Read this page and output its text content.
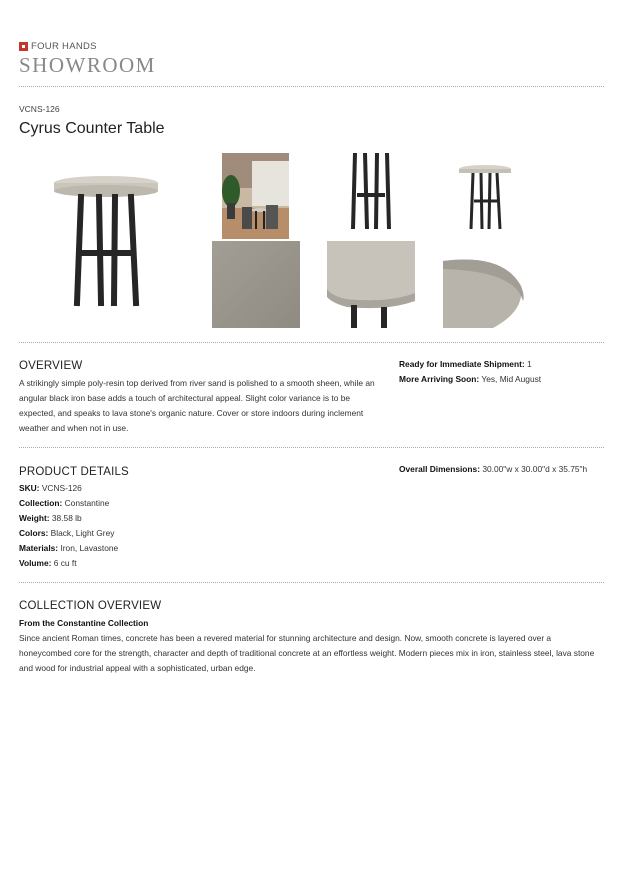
FOUR HANDS
SHOWROOM
VCNS-126
Cyrus Counter Table
OVERVIEW
A strikingly simple poly-resin top derived from river sand is polished to a smooth sheen, while an angular black iron base adds a touch of architectural appeal. Slight color variance is to be expected, and speaks to lava stone's organic nature. Cover or store indoors during inclement weather and when not in use.
Ready for Immediate Shipment: 1
More Arriving Soon: Yes, Mid August
PRODUCT DETAILS
SKU: VCNS-126
Collection: Constantine
Weight: 38.58 lb
Colors: Black, Light Grey
Materials: Iron, Lavastone
Volume: 6 cu ft
Overall Dimensions: 30.00"w x 30.00"d x 35.75"h
COLLECTION OVERVIEW
From the Constantine Collection
Since ancient Roman times, concrete has been a revered material for stunning architecture and design. Now, smooth concrete is layered over a honeycombed core for the strength, character and depth of traditional concrete at an effortless weight. Modern pieces mix in iron, stainless steel, lava stone and wood for industrial appeal with a sophisticated, urban edge.
